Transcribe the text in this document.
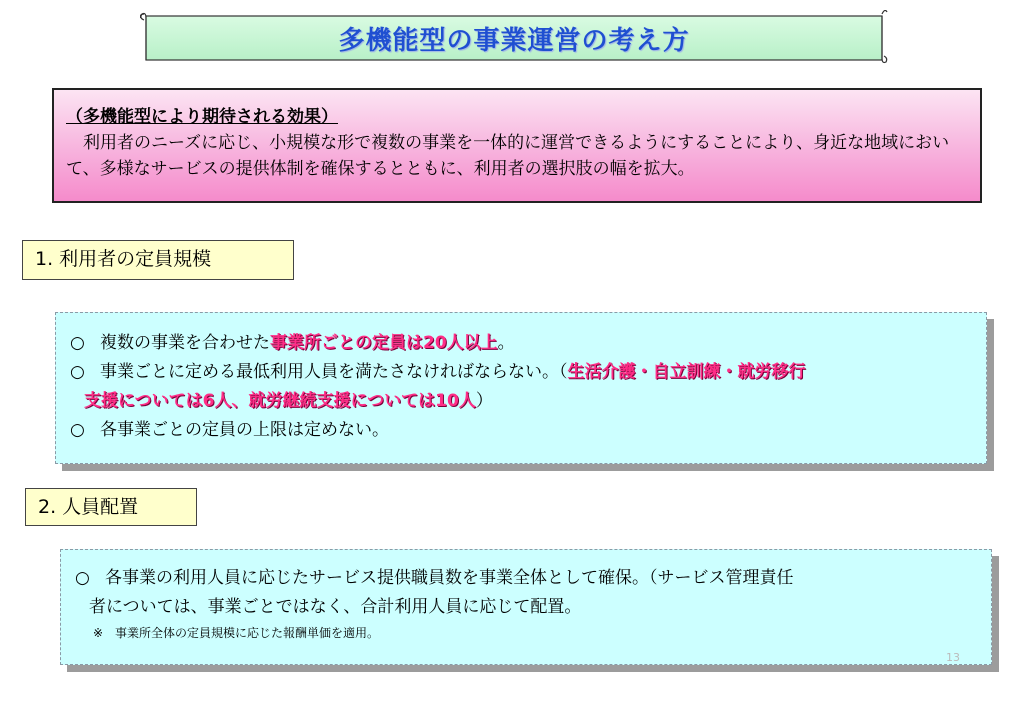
多機能型の事業運営の考え方
（多機能型により期待される効果）

利用者のニーズに応じ、小規模な形で複数の事業を一体的に運営できるようにすることにより、身近な地域において、多様なサービスの提供体制を確保するとともに、利用者の選択肢の幅を拡大。

1. 利用者の定員規模
○ 複数の事業を合わせた事業所ごとの定員は20人以上。
○ 事業ごとに定める最低利用人員を満たさなければならない。（生活介護・自立訓練・就労移行
支援については6人、就労継続支援については10人）
○ 各事業ごとの定員の上限は定めない。
2. 人員配置
○ 各事業の利用人員に応じたサービス提供職員数を事業全体として確保。（サービス管理責任
者については、事業ごとではなく、合計利用人員に応じて配置。
※　事業所全体の定員規模に応じた報酬単価を適用。
13
